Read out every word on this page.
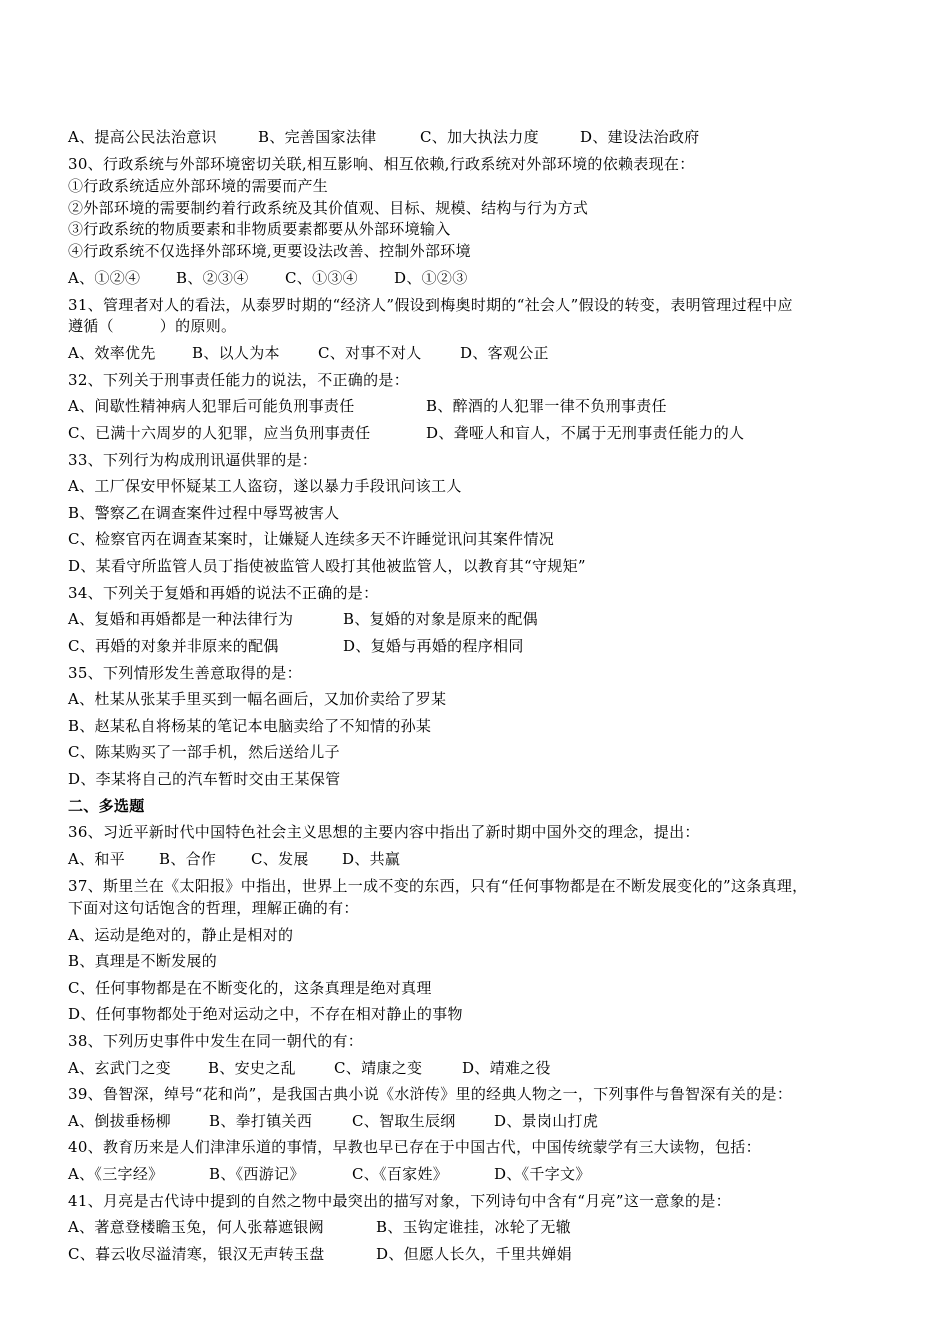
A、提高公民法治意识	B、完善国家法律	C、加大执法力度	D、建设法治政府
30、行政系统与外部环境密切关联,相互影响、相互依赖,行政系统对外部环境的依赖表现在：
①行政系统适应外部环境的需要而产生
②外部环境的需要制约着行政系统及其价值观、目标、规模、结构与行为方式
③行政系统的物质要素和非物质要素都要从外部环境输入
④行政系统不仅选择外部环境,更要设法改善、控制外部环境
A、①②④ B、②③④ C、①③④ D、①②③
31、管理者对人的看法，从泰罗时期的“经济人”假设到梅奥时期的“社会人”假设的转变，表明管理过程中应
遵循（　　　）的原则。
A、效率优先 B、以人为本	C、对事不对人	D、客观公正
32、下列关于刑事责任能力的说法，不正确的是：
A、间歇性精神病人犯罪后可能负刑事责任	B、醉酒的人犯罪一律不负刑事责任
C、已满十六周岁的人犯罪，应当负刑事责任	D、聋哑人和盲人，不属于无刑事责任能力的人
33、下列行为构成刑讯逼供罪的是：
A、工厂保安甲怀疑某工人盗窃，遂以暴力手段讯问该工人
B、警察乙在调查案件过程中辱骂被害人
C、检察官丙在调查某案时，让嫌疑人连续多天不许睡觉讯问其案件情况
D、某看守所监管人员丁指使被监管人殴打其他被监管人，以教育其“守规矩”
34、下列关于复婚和再婚的说法不正确的是：
A、复婚和再婚都是一种法律行为	B、复婚的对象是原来的配偶
C、再婚的对象并非原来的配偶	D、复婚与再婚的程序相同
35、下列情形发生善意取得的是：
A、杜某从张某手里买到一幅名画后，又加价卖给了罗某
B、赵某私自将杨某的笔记本电脑卖给了不知情的孙某
C、陈某购买了一部手机，然后送给儿子
D、李某将自己的汽车暂时交由王某保管
二、多选题
36、习近平新时代中国特色社会主义思想的主要内容中指出了新时期中国外交的理念，提出：
A、和平 B、合作 C、发展 D、共赢
37、斯里兰在《太阳报》中指出，世界上一成不变的东西，只有“任何事物都是在不断发展变化的”这条真理，
下面对这句话饱含的哲理，理解正确的有：
A、运动是绝对的，静止是相对的
B、真理是不断发展的
C、任何事物都是在不断变化的，这条真理是绝对真理
D、任何事物都处于绝对运动之中，不存在相对静止的事物
38、下列历史事件中发生在同一朝代的有：
A、玄武门之变 B、安史之乱	C、靖康之变	D、靖难之役
39、鲁智深，绰号“花和尚”，是我国古典小说《水浒传》里的经典人物之一，下列事件与鲁智深有关的是：
A、倒拔垂杨柳	B、拳打镇关西	C、智取生辰纲	D、景岗山打虎
40、教育历来是人们津津乐道的事情，早教也早已存在于中国古代，中国传统蒙学有三大读物，包括：
A、《三字经》	B、《西游记》	C、《百家姓》	D、《千字文》
41、月亮是古代诗中提到的自然之物中最突出的描写对象，下列诗句中含有“月亮”这一意象的是：
A、著意登楼瞻玉兔，何人张幕遮银阙	B、玉钩定谁挂，冰轮了无辙
C、暮云收尽溢清寒，银汉无声转玉盘	D、但愿人长久，千里共婵娟
